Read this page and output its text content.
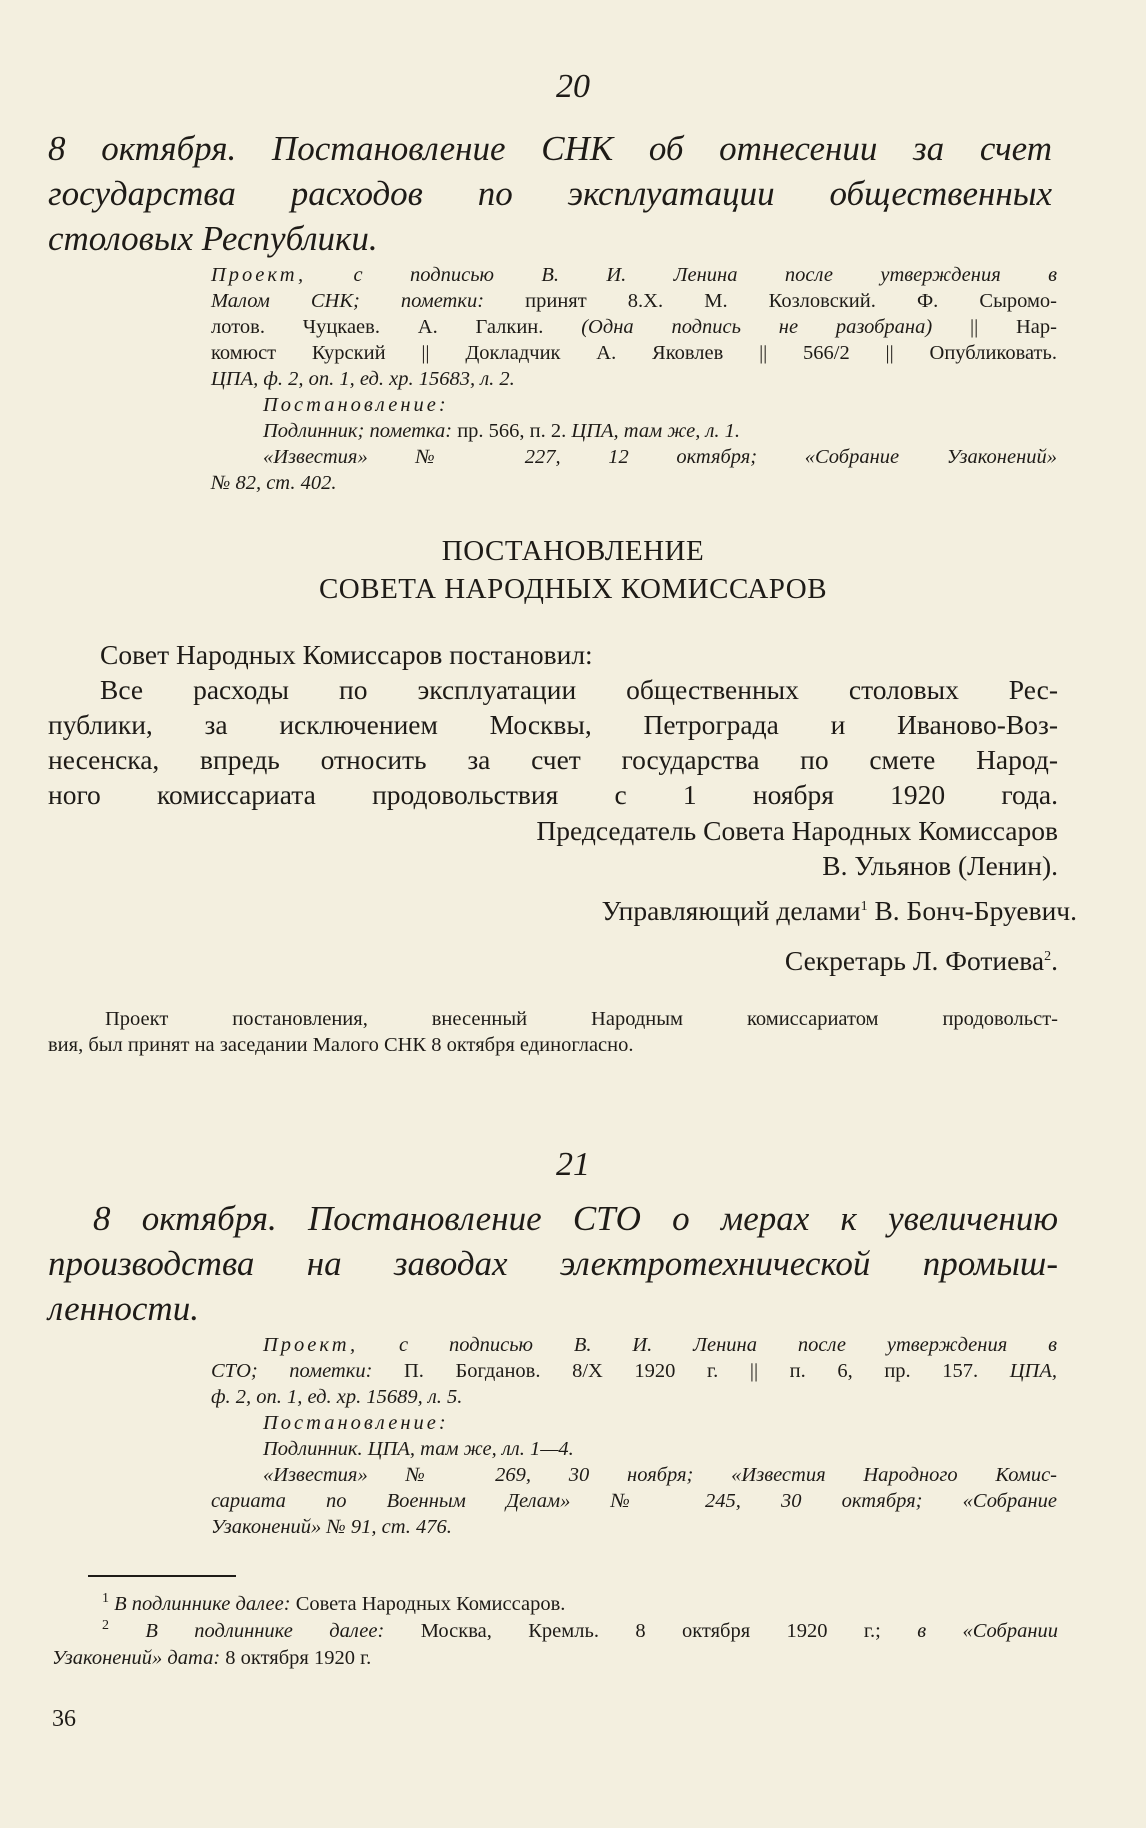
20
8 октября. Постановление СНК об отнесении за счет
государства расходов по эксплуатации общественных
столовых Республики.
Проект, с подписью В. И. Ленина после утверждения в
Малом СНК; пометки: принят 8.X. М. Козловский. Ф. Сыромо-
лотов. Чуцкаев. А. Галкин. (Одна подпись не разобрана) || Нар-
комюст Курский || Докладчик А. Яковлев || 566/2 || Опубликовать.
ЦПА, ф. 2, оп. 1, ед. хр. 15683, л. 2.
Постановление:
Подлинник; пометка: пр. 566, п. 2. ЦПА, там же, л. 1.
«Известия» № 227, 12 октября; «Собрание Узаконений»
№ 82, ст. 402.
ПОСТАНОВЛЕНИЕ
СОВЕТА НАРОДНЫХ КОМИССАРОВ
Совет Народных Комиссаров постановил:
Все расходы по эксплуатации общественных столовых Рес-
публики, за исключением Москвы, Петрограда и Иваново-Воз-
несенска, впредь относить за счет государства по смете Народ-
ного комиссариата продовольствия с 1 ноября 1920 года.
Председатель Совета Народных Комиссаров
В. Ульянов (Ленин).
Управляющий делами$^1$ В. Бонч-Бруевич.
Секретарь Л. Фотиева$^2$.
Проект постановления, внесенный Народным комиссариатом продовольст-
вия, был принят на заседании Малого СНК 8 октября единогласно.
21
8 октября. Постановление СТО о мерах к увеличению
производства на заводах электротехнической промыш-
ленности.
Проект, с подписью В. И. Ленина после утверждения в
СТО; пометки: П. Богданов. 8/X 1920 г. || п. 6, пр. 157. ЦПА,
ф. 2, оп. 1, ед. хр. 15689, л. 5.
Постановление:
Подлинник. ЦПА, там же, лл. 1—4.
«Известия» № 269, 30 ноября; «Известия Народного Комис-
сариата по Военным Делам» № 245, 30 октября; «Собрание
Узаконений» № 91, ст. 476.
$^1$ В подлиннике далее: Совета Народных Комиссаров.
$^2$ В подлиннике далее: Москва, Кремль. 8 октября 1920 г.; в «Собрании
Узаконений» дата: 8 октября 1920 г.
36
